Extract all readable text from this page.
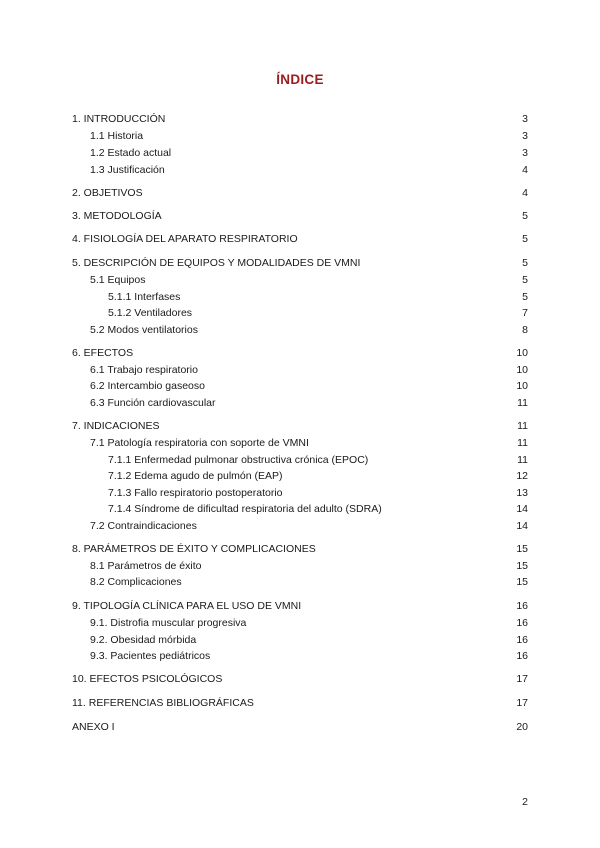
ÍNDICE
1. INTRODUCCIÓN	3
1.1 Historia	3
1.2 Estado actual	3
1.3 Justificación	4
2. OBJETIVOS	4
3. METODOLOGÍA	5
4. FISIOLOGÍA DEL APARATO RESPIRATORIO	5
5. DESCRIPCIÓN DE EQUIPOS Y MODALIDADES DE VMNI	5
5.1 Equipos	5
5.1.1 Interfases	5
5.1.2 Ventiladores	7
5.2 Modos ventilatorios	8
6. EFECTOS	10
6.1 Trabajo respiratorio	10
6.2 Intercambio gaseoso	10
6.3 Función cardiovascular	11
7. INDICACIONES	11
7.1 Patología respiratoria con soporte de VMNI	11
7.1.1 Enfermedad pulmonar obstructiva crónica (EPOC)	11
7.1.2 Edema agudo de pulmón (EAP)	12
7.1.3 Fallo respiratorio postoperatorio	13
7.1.4 Síndrome de dificultad respiratoria del adulto (SDRA)	14
7.2 Contraindicaciones	14
8. PARÁMETROS DE ÉXITO Y COMPLICACIONES	15
8.1 Parámetros de éxito	15
8.2 Complicaciones	15
9. TIPOLOGÍA CLÍNICA PARA EL USO DE VMNI	16
9.1. Distrofia muscular progresiva	16
9.2. Obesidad mórbida	16
9.3. Pacientes pediátricos	16
10. EFECTOS PSICOLÓGICOS	17
11. REFERENCIAS BIBLIOGRÁFICAS	17
ANEXO I	20
2
